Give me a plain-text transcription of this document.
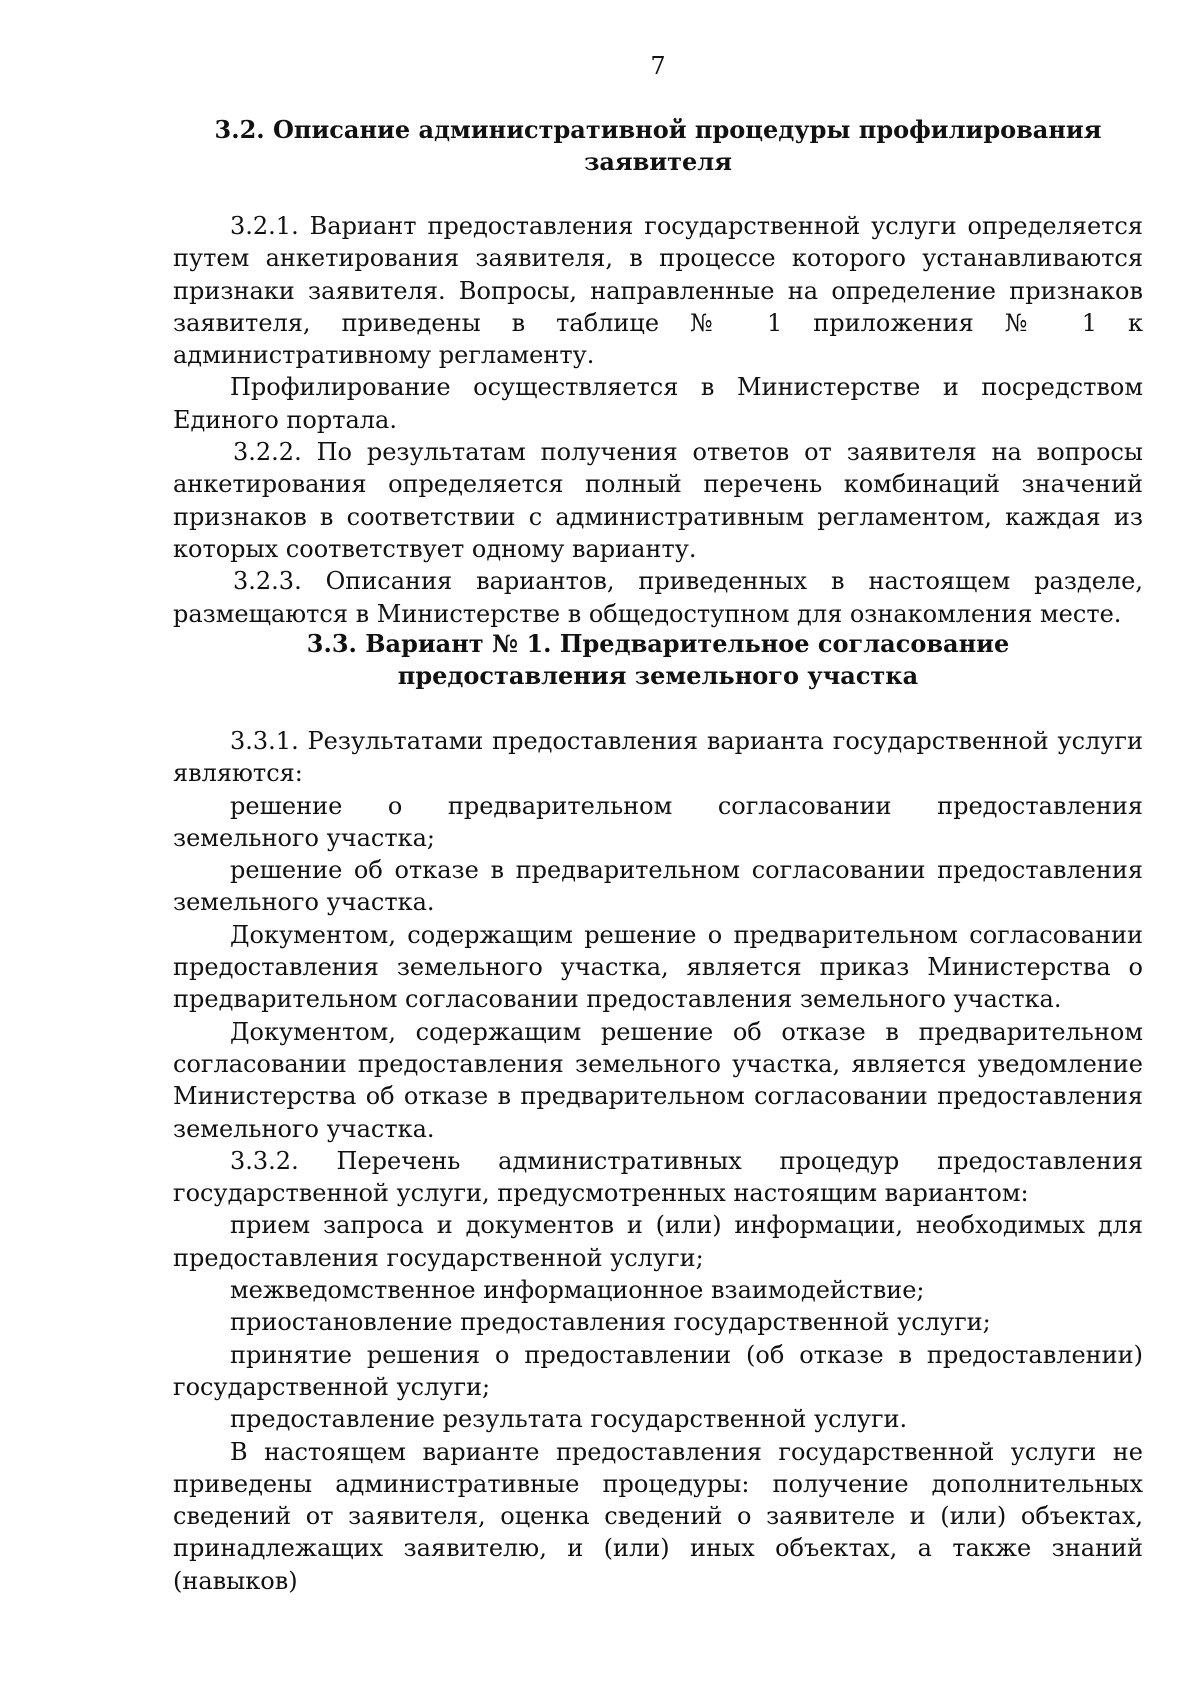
7
3.2. Описание административной процедуры профилирования
заявителя

3.2.1. Вариант предоставления государственной услуги определяется путем анкетирования заявителя, в процессе которого устанавливаются признаки заявителя. Вопросы, направленные на определение признаков заявителя, приведены в таблице № 1 приложения № 1 к административному регламенту.

Профилирование осуществляется в Министерстве и посредством Единого портала.

3.2.2. По результатам получения ответов от заявителя на вопросы анкетирования определяется полный перечень комбинаций значений признаков в соответствии с административным регламентом, каждая из которых соответствует одному варианту.

3.2.3. Описания вариантов, приведенных в настоящем разделе, размещаются в Министерстве в общедоступном для ознакомления месте.

3.3. Вариант № 1. Предварительное согласование
предоставления земельного участка

3.3.1. Результатами предоставления варианта государственной услуги являются:

решение о предварительном согласовании предоставления земельного участка;

решение об отказе в предварительном согласовании предоставления земельного участка.

Документом, содержащим решение о предварительном согласовании предоставления земельного участка, является приказ Министерства о предварительном согласовании предоставления земельного участка.

Документом, содержащим решение об отказе в предварительном согласовании предоставления земельного участка, является уведомление Министерства об отказе в предварительном согласовании предоставления земельного участка.

3.3.2. Перечень административных процедур предоставления государственной услуги, предусмотренных настоящим вариантом:

прием запроса и документов и (или) информации, необходимых для предоставления государственной услуги;

межведомственное информационное взаимодействие;

приостановление предоставления государственной услуги;

принятие решения о предоставлении (об отказе в предоставлении) государственной услуги;

предоставление результата государственной услуги.

В настоящем варианте предоставления государственной услуги не приведены административные процедуры: получение дополнительных сведений от заявителя, оценка сведений о заявителе и (или) объектах, принадлежащих заявителю, и (или) иных объектах, а также знаний (навыков)
